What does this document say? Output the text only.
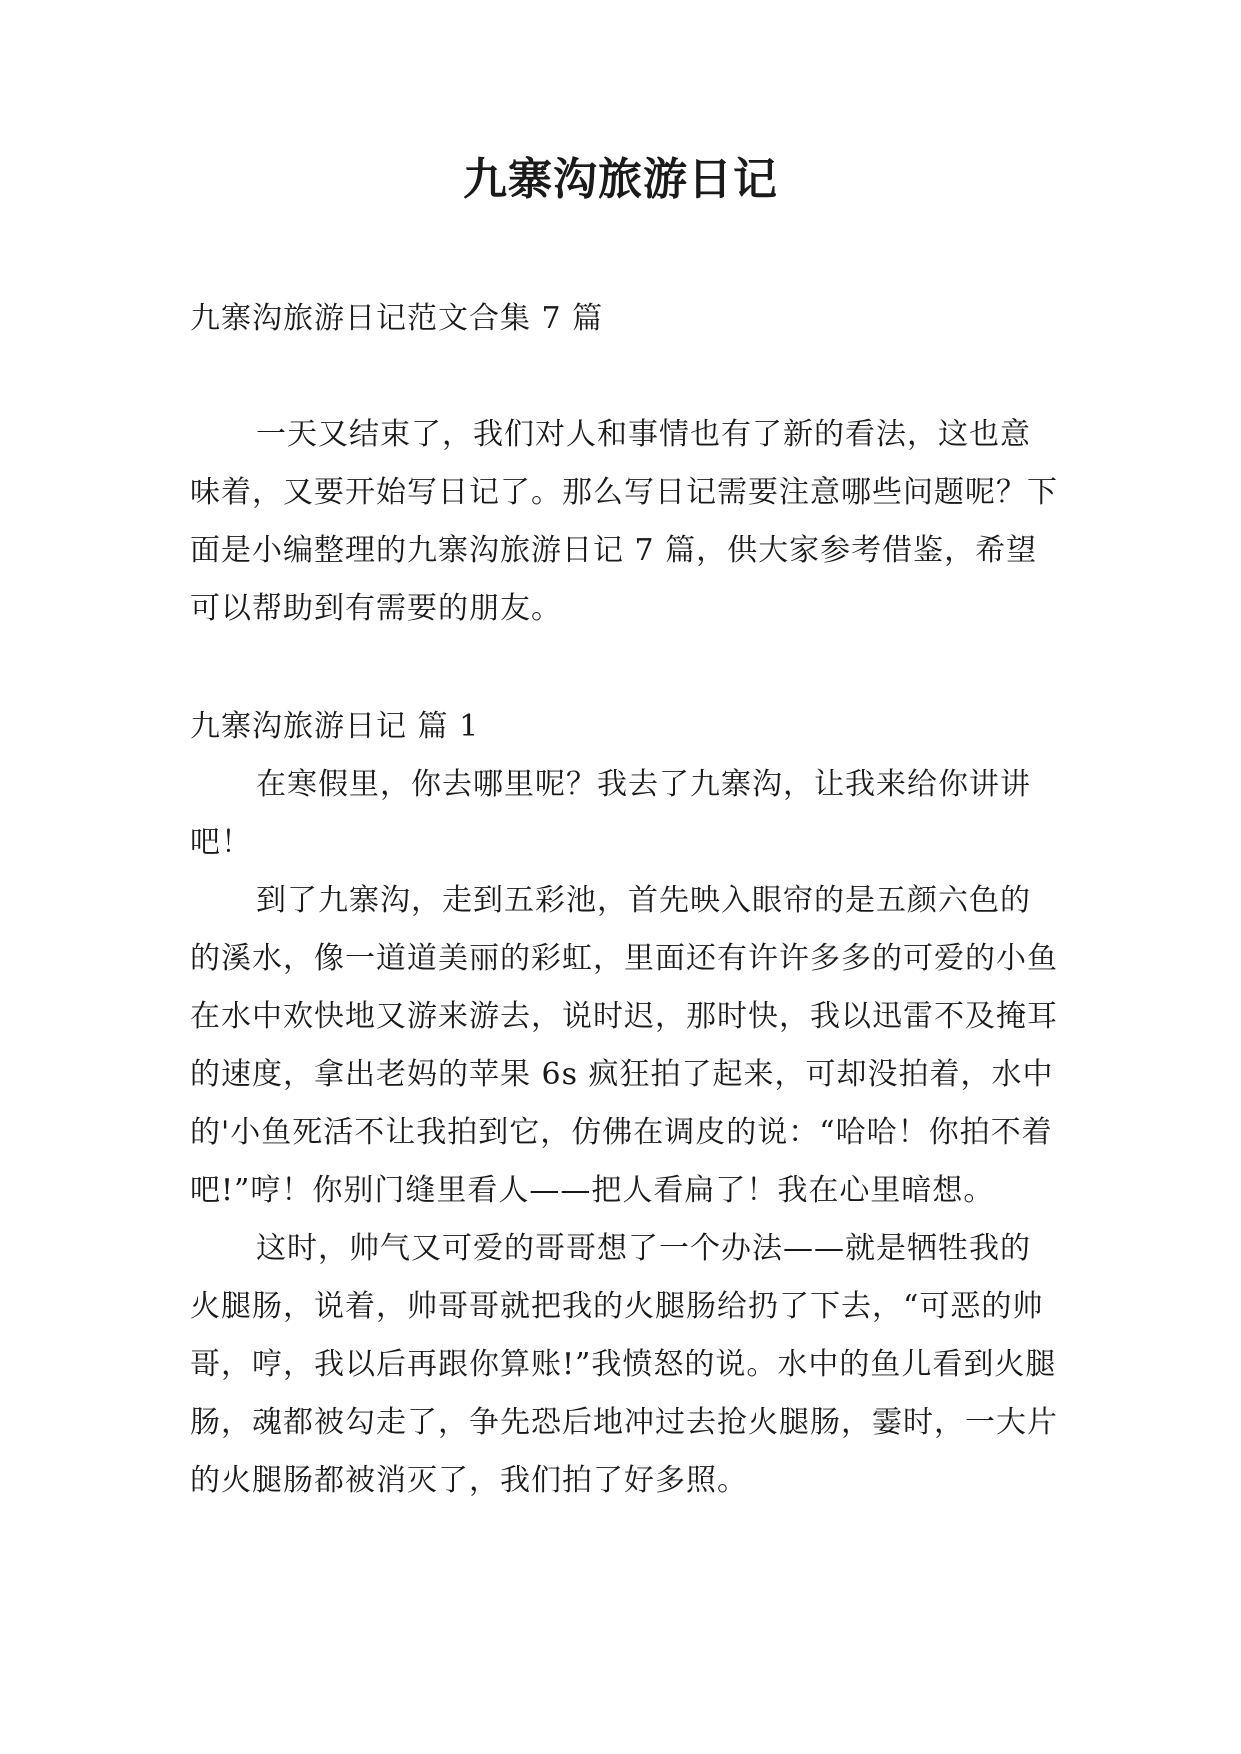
九寨沟旅游日记

九寨沟旅游日记范文合集 7 篇

一天又结束了，我们对人和事情也有了新的看法，这也意味着，又要开始写日记了。那么写日记需要注意哪些问题呢？下面是小编整理的九寨沟旅游日记 7 篇，供大家参考借鉴，希望可以帮助到有需要的朋友。

九寨沟旅游日记 篇 1

在寒假里，你去哪里呢？我去了九寨沟，让我来给你讲讲吧！

到了九寨沟，走到五彩池，首先映入眼帘的是五颜六色的的溪水，像一道道美丽的彩虹，里面还有许许多多的可爱的小鱼在水中欢快地又游来游去，说时迟，那时快，我以迅雷不及掩耳的速度，拿出老妈的苹果 6s 疯狂拍了起来，可却没拍着，水中的'小鱼死活不让我拍到它，仿佛在调皮的说：“哈哈！你拍不着吧!”哼！你别门缝里看人——把人看扁了！我在心里暗想。

这时，帅气又可爱的哥哥想了一个办法——就是牺牲我的火腿肠，说着，帅哥哥就把我的火腿肠给扔了下去，“可恶的帅哥，哼，我以后再跟你算账!”我愤怒的说。水中的鱼儿看到火腿肠，魂都被勾走了，争先恐后地冲过去抢火腿肠，霎时，一大片的火腿肠都被消灭了，我们拍了好多照。
